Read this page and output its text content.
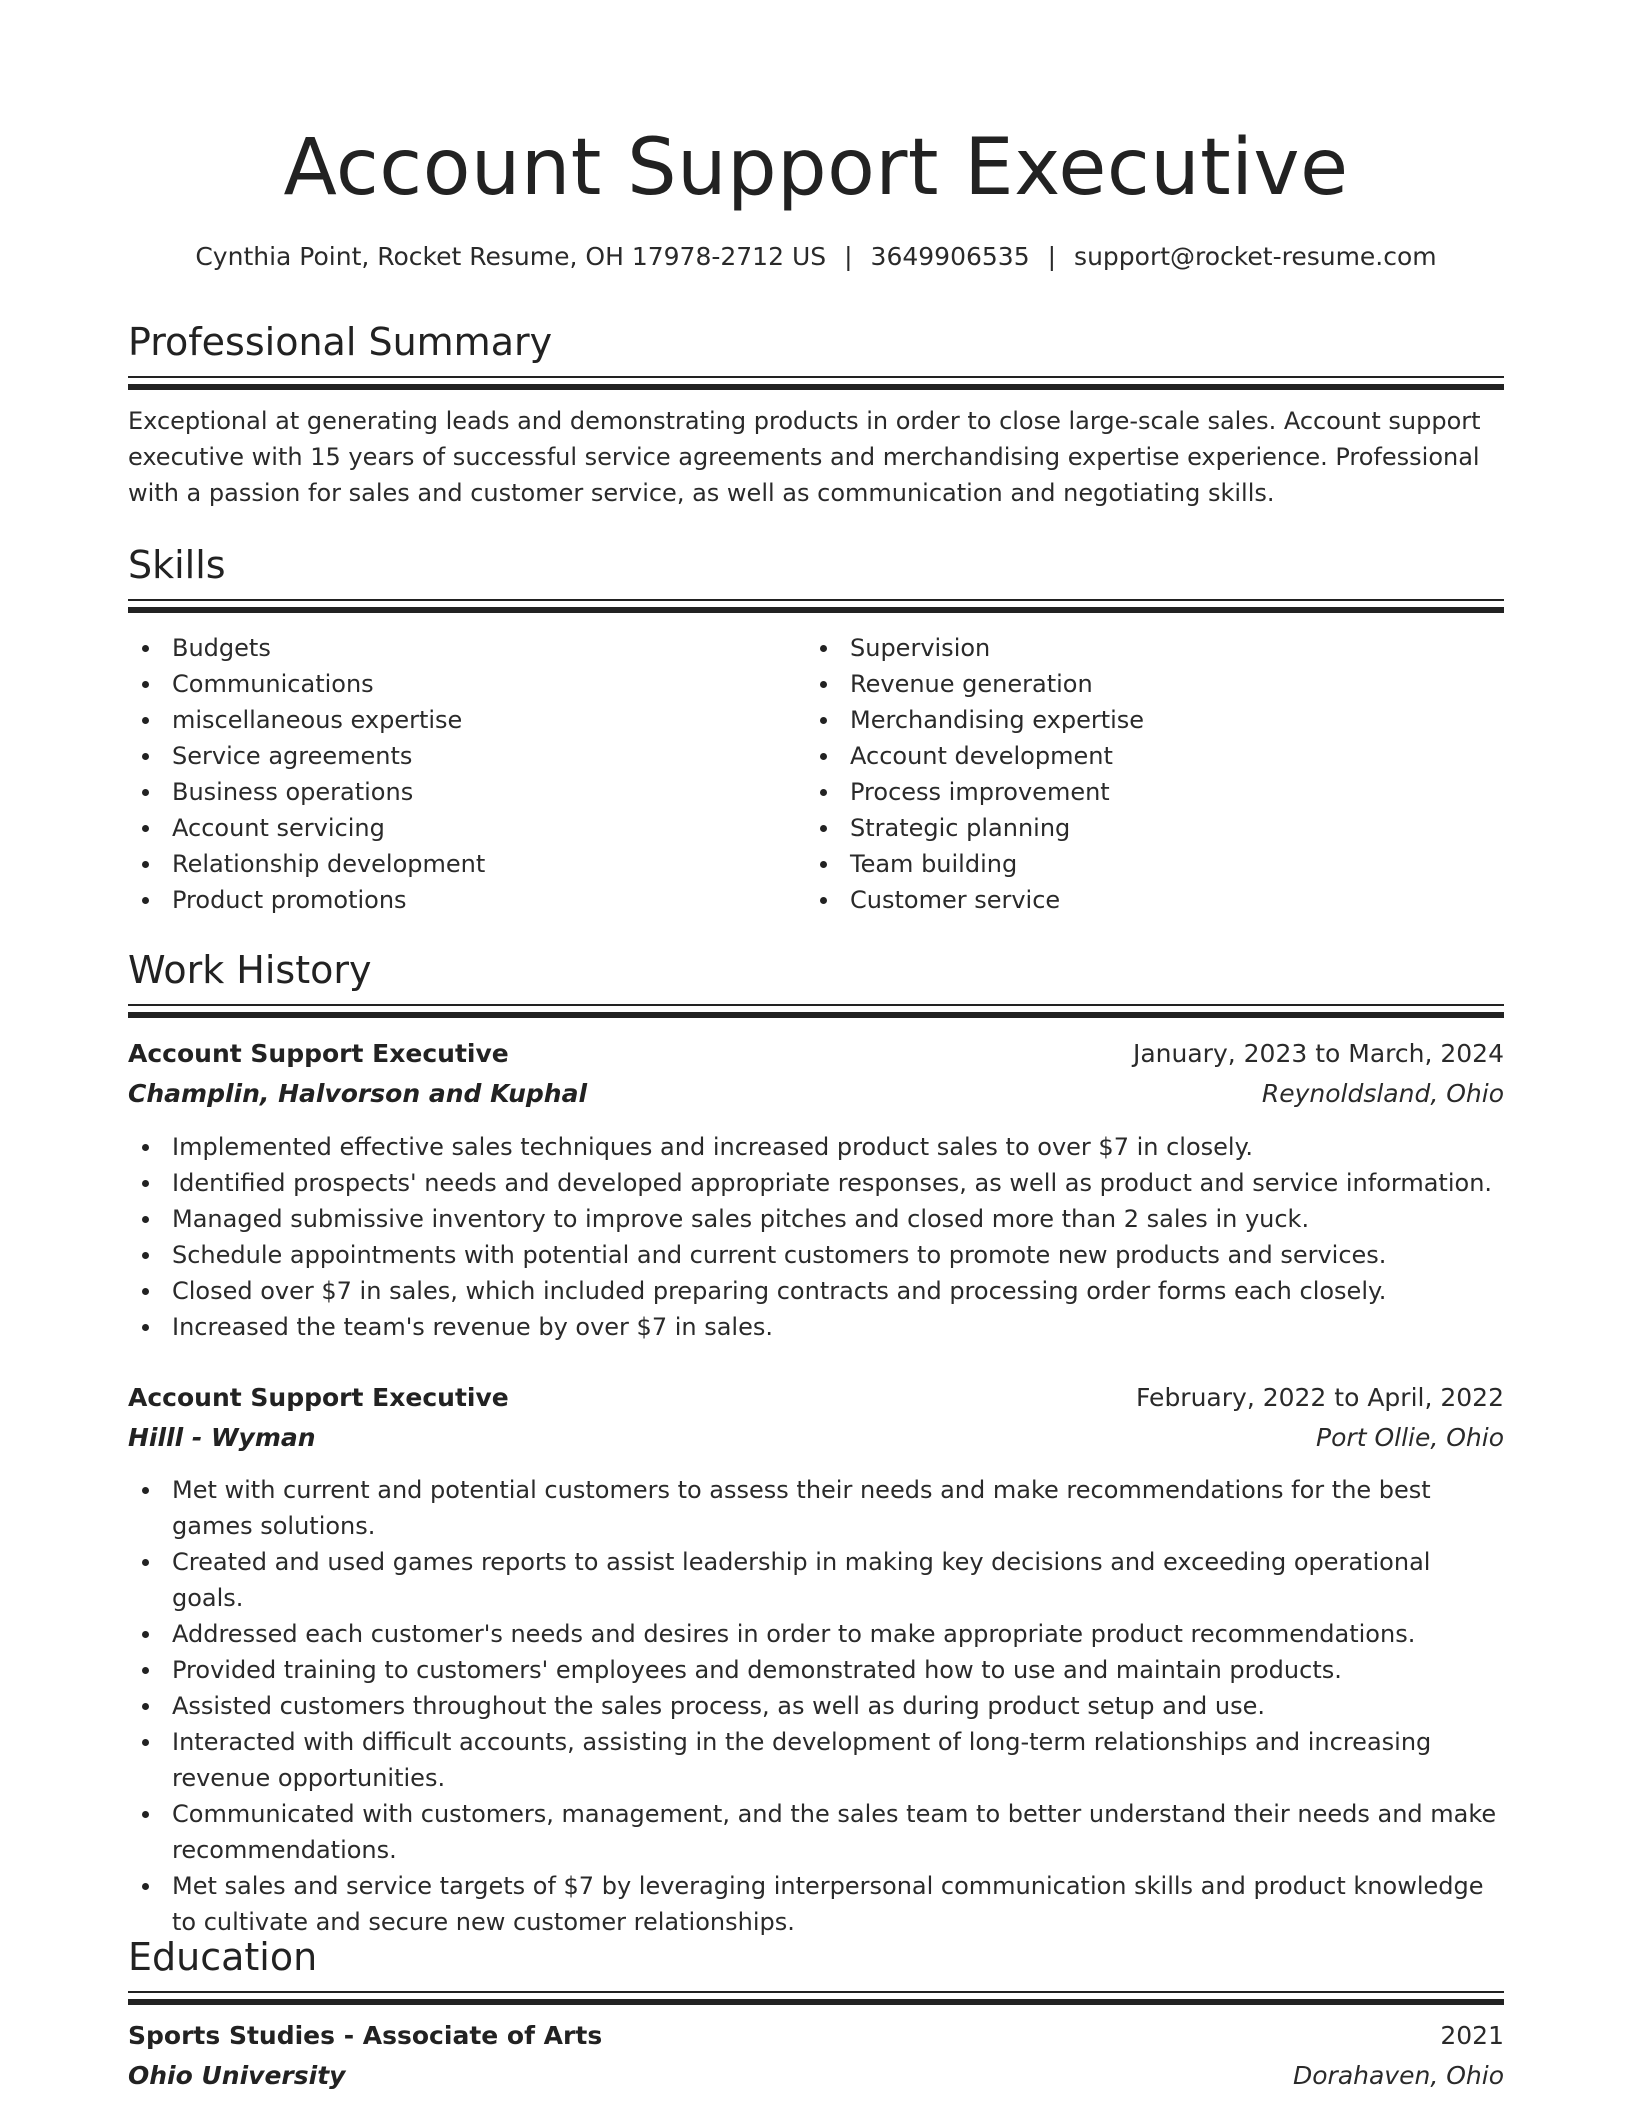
Account Support Executive
Cynthia Point, Rocket Resume, OH 17978-2712 US | 3649906535 | support@rocket-resume.com
Professional Summary

Exceptional at generating leads and demonstrating products in order to close large-scale sales. Account support executive with 15 years of successful service agreements and merchandising expertise experience. Professional with a passion for sales and customer service, as well as communication and negotiating skills.

Skills
Budgets
Communications
miscellaneous expertise
Service agreements
Business operations
Account servicing
Relationship development
Product promotions
Supervision
Revenue generation
Merchandising expertise
Account development
Process improvement
Strategic planning
Team building
Customer service
Work History
Account Support Executive	January, 2023 to March, 2024
Champlin, Halvorson and Kuphal	Reynoldsland, Ohio
Implemented effective sales techniques and increased product sales to over $7 in closely.
Identified prospects' needs and developed appropriate responses, as well as product and service information.
Managed submissive inventory to improve sales pitches and closed more than 2 sales in yuck.
Schedule appointments with potential and current customers to promote new products and services.
Closed over $7 in sales, which included preparing contracts and processing order forms each closely.
Increased the team's revenue by over $7 in sales.
Account Support Executive	February, 2022 to April, 2022
Hilll - Wyman	Port Ollie, Ohio
Met with current and potential customers to assess their needs and make recommendations for the best games solutions.
Created and used games reports to assist leadership in making key decisions and exceeding operational goals.
Addressed each customer's needs and desires in order to make appropriate product recommendations.
Provided training to customers' employees and demonstrated how to use and maintain products.
Assisted customers throughout the sales process, as well as during product setup and use.
Interacted with difficult accounts, assisting in the development of long-term relationships and increasing revenue opportunities.
Communicated with customers, management, and the sales team to better understand their needs and make recommendations.
Met sales and service targets of $7 by leveraging interpersonal communication skills and product knowledge to cultivate and secure new customer relationships.
Education
Sports Studies - Associate of Arts	2021
Ohio University	Dorahaven, Ohio
